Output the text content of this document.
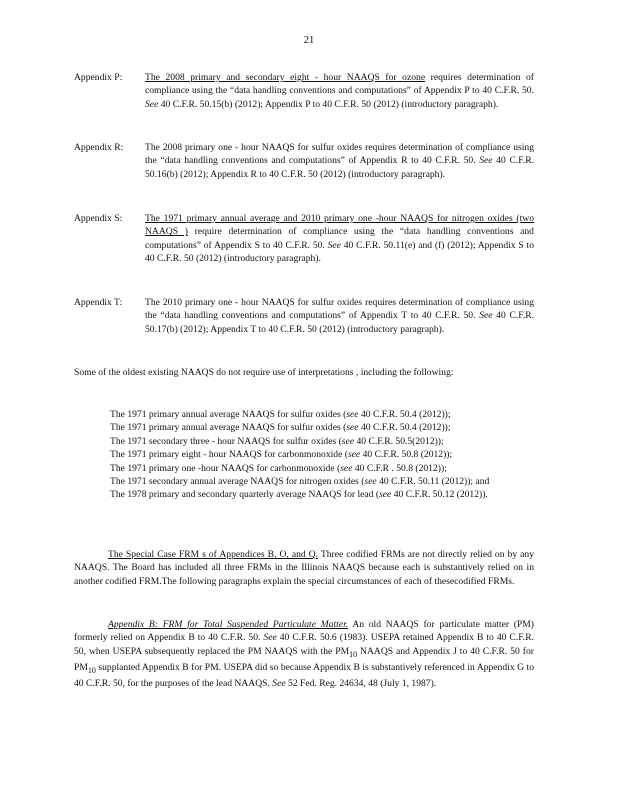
21
Appendix P:	The 2008 primary and secondary eight - hour NAAQS for ozone requires determination of compliance using the “data handling conventions and computations” of Appendix P to 40 C.F.R. 50. See 40 C.F.R. 50.15(b) (2012); Appendix P to 40 C.F.R. 50 (2012) (introductory paragraph).
Appendix R:	The 2008 primary one - hour NAAQS for sulfur oxides requires determination of compliance using the “data handling conventions and computations” of Appendix R to 40 C.F.R. 50. See 40 C.F.R. 50.16(b) (2012); Appendix R to 40 C.F.R. 50 (2012) (introductory paragraph).
Appendix S:	The 1971 primary annual average and 2010 primary one -hour NAAQS for nitrogen oxides (two NAAQS ) require determination of compliance using the “data handling conventions and computations” of Appendix S to 40 C.F.R. 50. See 40 C.F.R. 50.11(e) and (f) (2012); Appendix S to 40 C.F.R. 50 (2012) (introductory paragraph).
Appendix T:	The 2010 primary one - hour NAAQS for sulfur oxides requires determination of compliance using the “data handling conventions and computations” of Appendix T to 40 C.F.R. 50. See 40 C.F.R. 50.17(b) (2012); Appendix T to 40 C.F.R. 50 (2012) (introductory paragraph).
Some of the oldest existing NAAQS do not require use of interpretations , including the following:
The 1971 primary annual average NAAQS for sulfur oxides (see 40 C.F.R. 50.4 (2012));
The 1971 primary annual average NAAQS for sulfur oxides (see 40 C.F.R. 50.4 (2012));
The 1971 secondary three - hour NAAQS for sulfur oxides (see 40 C.F.R. 50.5(2012));
The 1971 primary eight - hour NAAQS for carbonmonoxide (see 40 C.F.R. 50.8 (2012));
The 1971 primary one -hour NAAQS for carbonmonoxide (see 40 C.F.R . 50.8 (2012));
The 1971 secondary annual average NAAQS for nitrogen oxides (see 40 C.F.R. 50.11 (2012)); and
The 1978 primary and secondary quarterly average NAAQS for lead (see 40 C.F.R. 50.12 (2012)).
The Special Case FRM s of Appendices B, O, and Q. Three codified FRMs are not directly relied on by any NAAQS. The Board has included all three FRMs in the Illinois NAAQS because each is substantively relied on in another codified FRM.The following paragraphs explain the special circumstances of each of thesecodified FRMs.
Appendix B: FRM for Total Suspended Particulate Matter. An old NAAQS for particulate matter (PM) formerly relied on Appendix B to 40 C.F.R. 50. See 40 C.F.R. 50.6 (1983). USEPA retained Appendix B to 40 C.F.R. 50, when USEPA subsequently replaced the PM NAAQS with the $PM_{10}$ NAAQS and Appendix J to 40 C.F.R. 50 for $PM_{10}$ supplanted Appendix B for PM. USEPA did so because Appendix B is substantively referenced in Appendix G to 40 C.F.R. 50, for the purposes of the lead NAAQS. See 52 Fed. Reg. 24634, 48 (July 1, 1987).
